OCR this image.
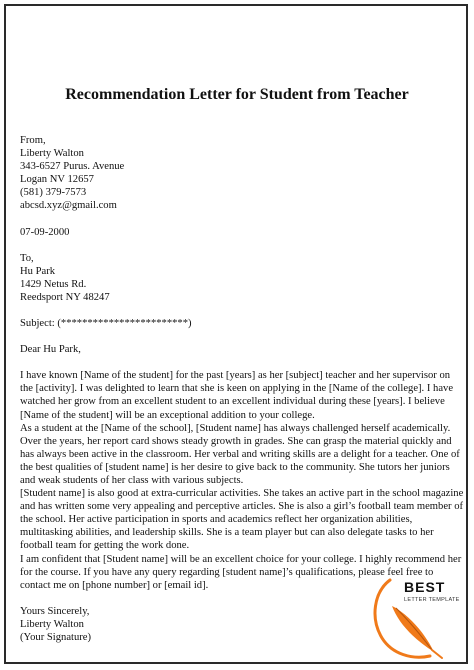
Recommendation Letter for Student from Teacher
From,
Liberty Walton
343-6527 Purus. Avenue
Logan NV 12657
(581) 379-7573
abcsd.xyz@gmail.com
07-09-2000
To,
Hu Park
1429 Netus Rd.
Reedsport NY 48247
Subject: (************************)
Dear Hu Park,
I have known [Name of the student] for the past [years] as her [subject] teacher and her supervisor on
the [activity]. I was delighted to learn that she is keen on applying in the [Name of the college]. I have
watched her grow from an excellent student to an excellent individual during these [years]. I believe
[Name of the student] will be an exceptional addition to your college.
As a student at the [Name of the school], [Student name] has always challenged herself academically.
Over the years, her report card shows steady growth in grades. She can grasp the material quickly and
has always been active in the classroom. Her verbal and writing skills are a delight for a teacher. One of
the best qualities of [student name] is her desire to give back to the community. She tutors her juniors
and weak students of her class with various subjects.
[Student name] is also good at extra-curricular activities. She takes an active part in the school magazine
and has written some very appealing and perceptive articles. She is also a girl’s football team member of
the school. Her active participation in sports and academics reflect her organization abilities,
multitasking abilities, and leadership skills. She is a team player but can also delegate tasks to her
football team for getting the work done.
I am confident that [Student name] will be an excellent choice for your college. I highly recommend her
for the course. If you have any query regarding [student name]’s qualifications, please feel free to
contact me on [phone number] or [email id].
Yours Sincerely,
Liberty Walton
(Your Signature)
BEST
LETTER TEMPLATE
